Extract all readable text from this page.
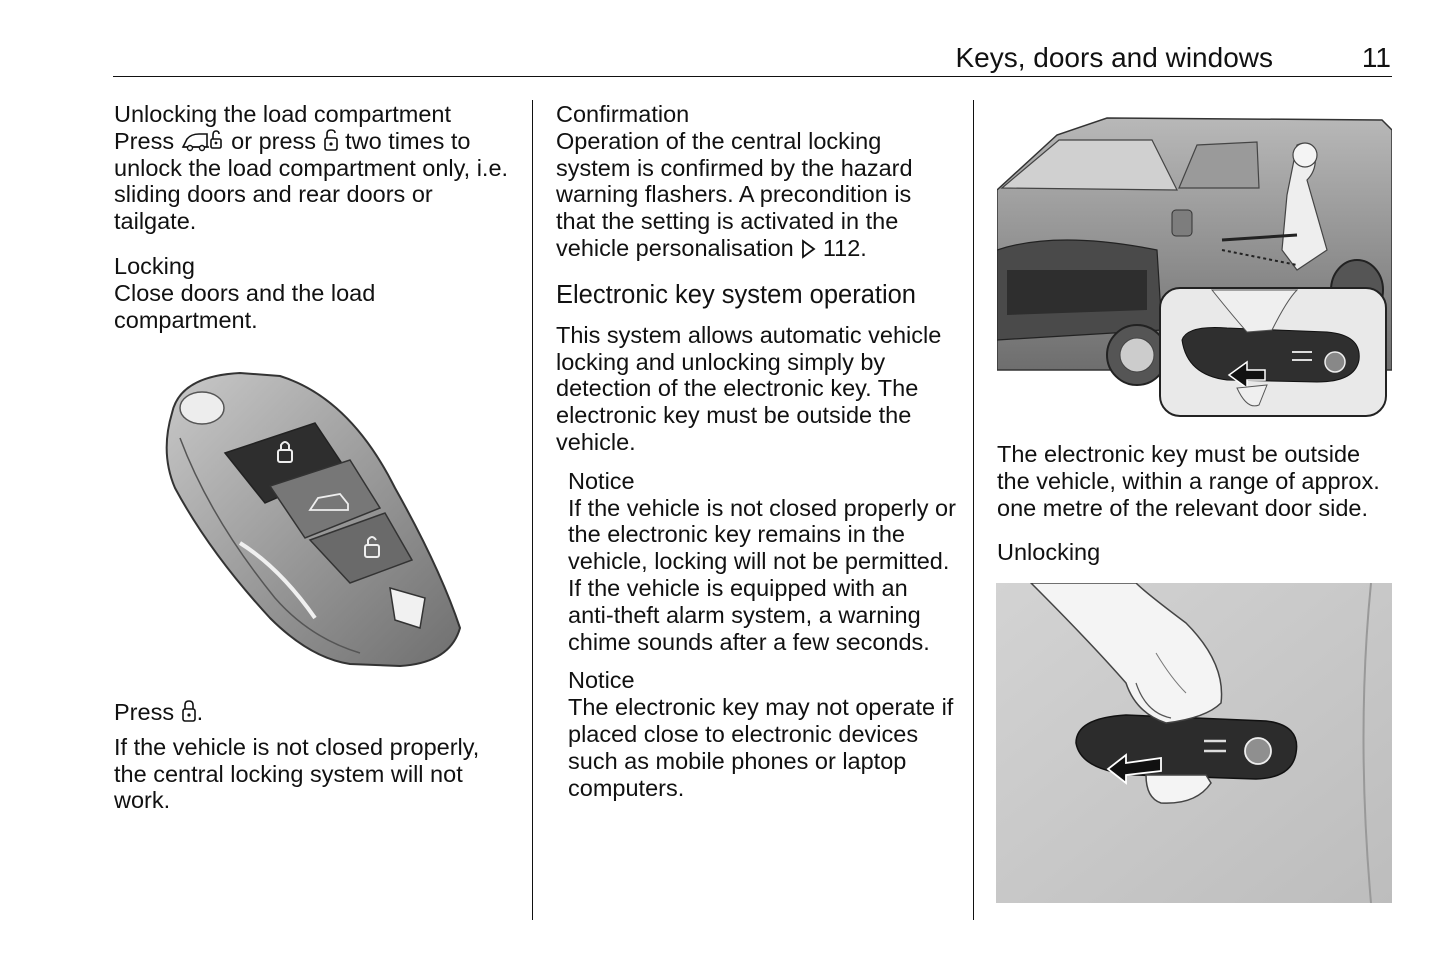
Keys, doors and windows	11

Unlocking the load compartment

Press  or press  two times to unlock the load compartment only, i.e. sliding doors and rear doors or tailgate.

Locking

Close doors and the load compartment.

Press .

If the vehicle is not closed properly, the central locking system will not work.

Confirmation

Operation of the central locking system is confirmed by the hazard warning flashers. A precondition is that the setting is activated in the vehicle personalisation  112.

Electronic key system operation

This system allows automatic vehicle locking and unlocking simply by detection of the electronic key. The electronic key must be outside the vehicle.

Notice

If the vehicle is not closed properly or the electronic key remains in the vehicle, locking will not be permitted. If the vehicle is equipped with an anti-theft alarm system, a warning chime sounds after a few seconds.

Notice

The electronic key may not operate if placed close to electronic devices such as mobile phones or laptop computers.

The electronic key must be outside the vehicle, within a range of approx. one metre of the relevant door side.

Unlocking
